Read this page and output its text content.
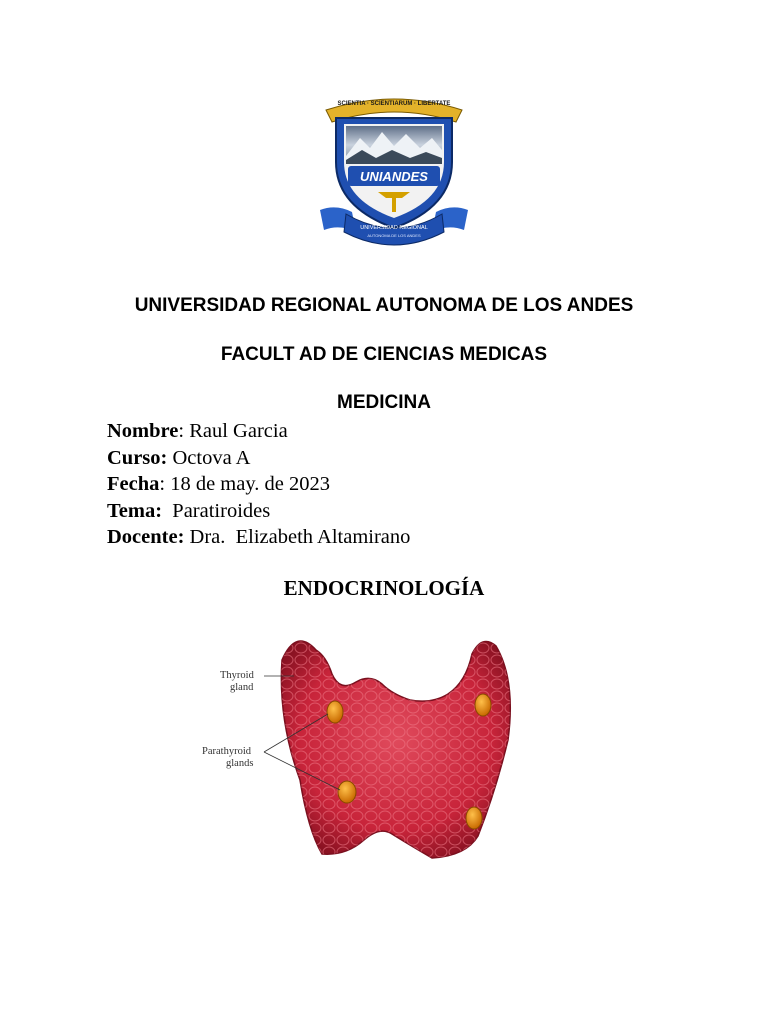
SCIENTIA · SCIENTIARUM · LIBERTATE
UNIANDES
UNIVERSIDAD REGIONAL
AUTONOMA DE LOS ANDES
UNIVERSIDAD REGIONAL AUTONOMA DE LOS ANDES
FACULT AD DE CIENCIAS MEDICAS
MEDICINA
Nombre: Raul Garcia
Curso: Octova A
Fecha: 18 de may. de 2023
Tema:  Paratiroides
Docente: Dra.  Elizabeth Altamirano
ENDOCRINOLOGÍA
Thyroid
gland
Parathyroid
glands
